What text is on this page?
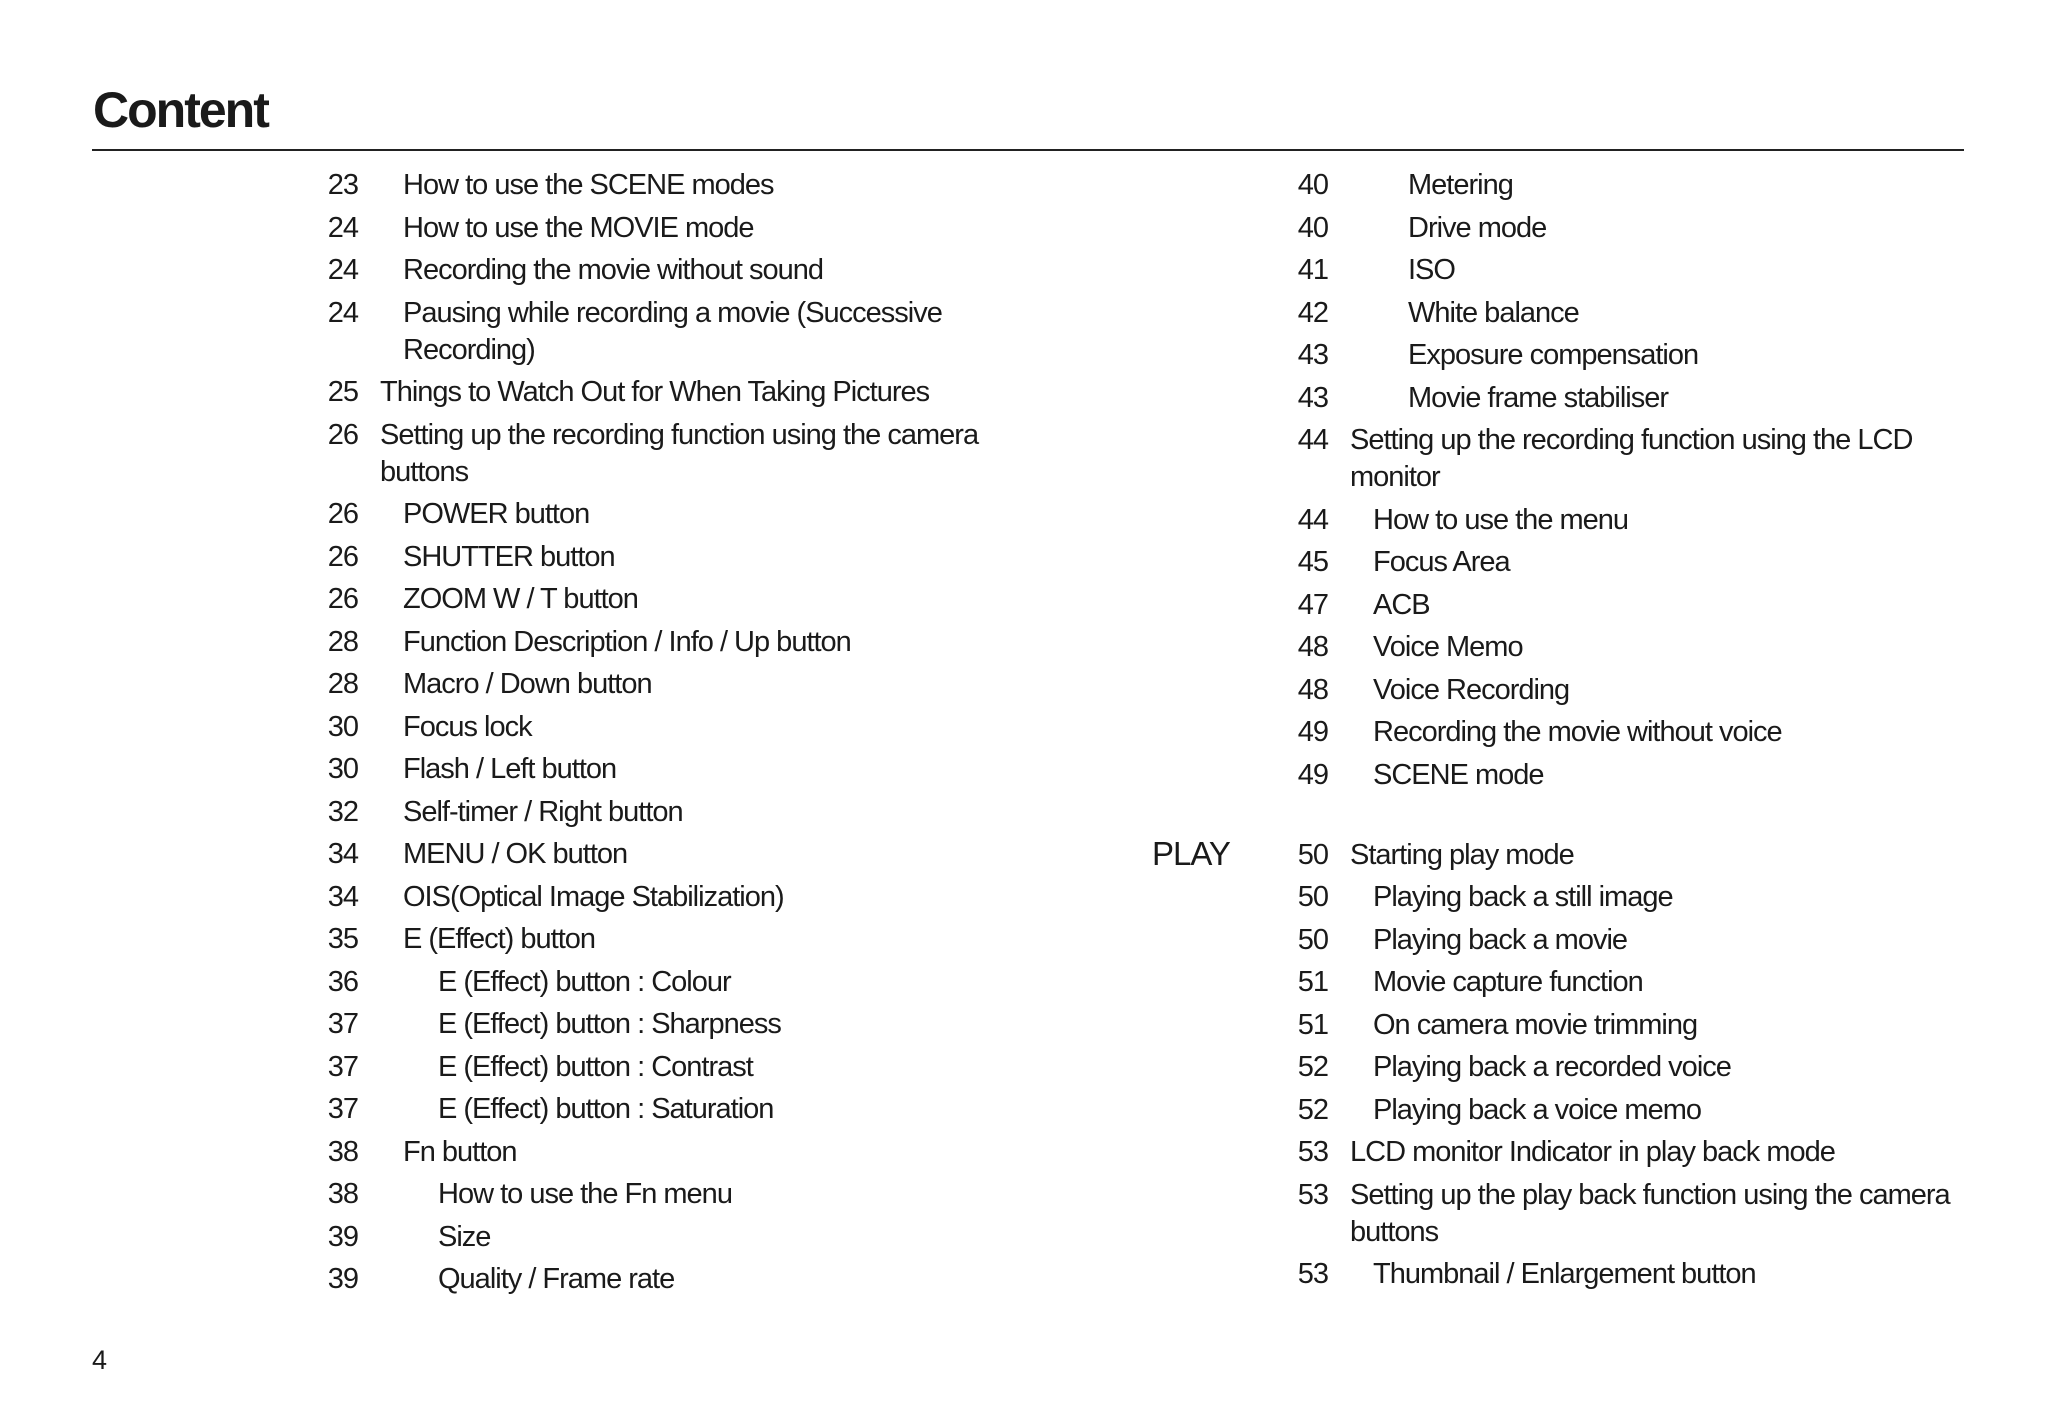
Content
23	How to use the SCENE modes
24	How to use the MOVIE mode
24	Recording the movie without sound
24	Pausing while recording a movie (Successive Recording)
25 Things to Watch Out for When Taking Pictures
26 Setting up the recording function using the camera buttons
26	POWER button
26	SHUTTER button
26	ZOOM W / T button
28	Function Description / Info / Up button
28	Macro / Down button
30	Focus lock
30	Flash / Left button
32	Self-timer / Right button
34	MENU / OK button
34	OIS(Optical Image Stabilization)
35	E (Effect) button
36	E (Effect) button : Colour
37	E (Effect) button : Sharpness
37	E (Effect) button : Contrast
37	E (Effect) button : Saturation
38	Fn button
38	How to use the Fn menu
39	Size
39	Quality / Frame rate
40	Metering
40	Drive mode
41	ISO
42	White balance
43	Exposure compensation
43	Movie frame stabiliser
44 Setting up the recording function using the LCD monitor
44	How to use the menu
45	Focus Area
47	ACB
48	Voice Memo
48	Voice Recording
49	Recording the movie without voice
49	SCENE mode
PLAY	50 Starting play mode
50	Playing back a still image
50	Playing back a movie
51	Movie capture function
51	On camera movie trimming
52	Playing back a recorded voice
52	Playing back a voice memo
53 LCD monitor Indicator in play back mode
53 Setting up the play back function using the camera buttons
53	Thumbnail / Enlargement button
4
